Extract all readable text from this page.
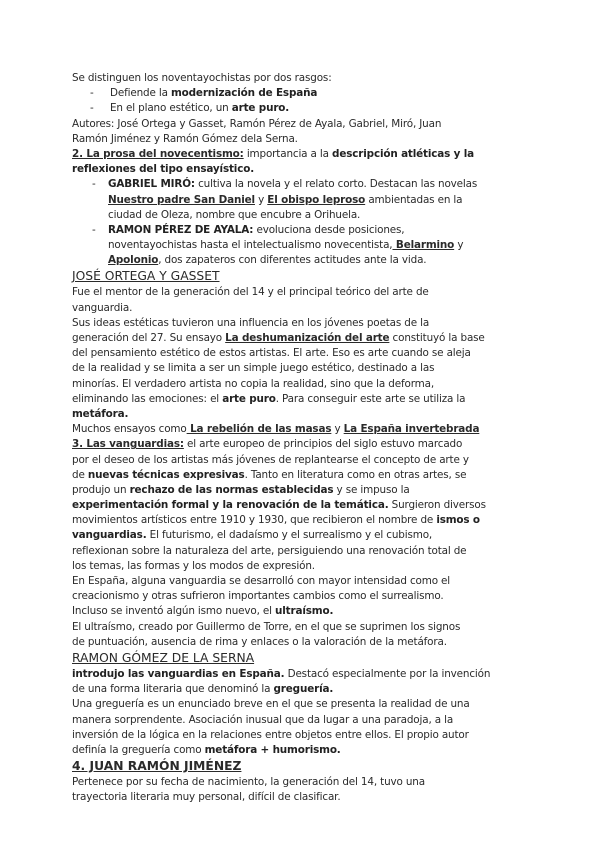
Se distinguen los noventayochistas por dos rasgos:
- Defiende la modernización de España
- En el plano estético, un arte puro.
Autores: José Ortega y Gasset, Ramón Pérez de Ayala, Gabriel, Miró, Juan
Ramón Jiménez y Ramón Gómez dela Serna.
2. La prosa del novecentismo: importancia a la descripción atléticas y la
reflexiones del tipo ensayístico.
- GABRIEL MIRÓ: cultiva la novela y el relato corto. Destacan las novelas
Nuestro padre San Daniel y El obispo leproso ambientadas en la
ciudad de Oleza, nombre que encubre a Orihuela.
- RAMON PÉREZ DE AYALA: evoluciona desde posiciones,
noventayochistas hasta el intelectualismo novecentista, Belarmino y
Apolonio, dos zapateros con diferentes actitudes ante la vida.
JOSÉ ORTEGA Y GASSET
Fue el mentor de la generación del 14 y el principal teórico del arte de
vanguardia.
Sus ideas estéticas tuvieron una influencia en los jóvenes poetas de la
generación del 27. Su ensayo La deshumanización del arte constituyó la base
del pensamiento estético de estos artistas. El arte. Eso es arte cuando se aleja
de la realidad y se limita a ser un simple juego estético, destinado a las
minorías. El verdadero artista no copia la realidad, sino que la deforma,
eliminando las emociones: el arte puro. Para conseguir este arte se utiliza la
metáfora.
Muchos ensayos como La rebelión de las masas y La España invertebrada
3. Las vanguardias: el arte europeo de principios del siglo estuvo marcado
por el deseo de los artistas más jóvenes de replantearse el concepto de arte y
de nuevas técnicas expresivas. Tanto en literatura como en otras artes, se
produjo un rechazo de las normas establecidas y se impuso la
experimentación formal y la renovación de la temática. Surgieron diversos
movimientos artísticos entre 1910 y 1930, que recibieron el nombre de ismos o
vanguardias. El futurismo, el dadaísmo y el surrealismo y el cubismo,
reflexionan sobre la naturaleza del arte, persiguiendo una renovación total de
los temas, las formas y los modos de expresión.
En España, alguna vanguardia se desarrolló con mayor intensidad como el
creacionismo y otras sufrieron importantes cambios como el surrealismo.
Incluso se inventó algún ismo nuevo, el ultraísmo.
El ultraísmo, creado por Guillermo de Torre, en el que se suprimen los signos
de puntuación, ausencia de rima y enlaces o la valoración de la metáfora.
RAMON GÓMEZ DE LA SERNA
introdujo las vanguardias en España. Destacó especialmente por la invención
de una forma literaria que denominó la greguería.
Una greguería es un enunciado breve en el que se presenta la realidad de una
manera sorprendente. Asociación inusual que da lugar a una paradoja, a la
inversión de la lógica en la relaciones entre objetos entre ellos. El propio autor
definía la greguería como metáfora + humorismo.
4. JUAN RAMÓN JIMÉNEZ
Pertenece por su fecha de nacimiento, la generación del 14, tuvo una
trayectoria literaria muy personal, difícil de clasificar.
